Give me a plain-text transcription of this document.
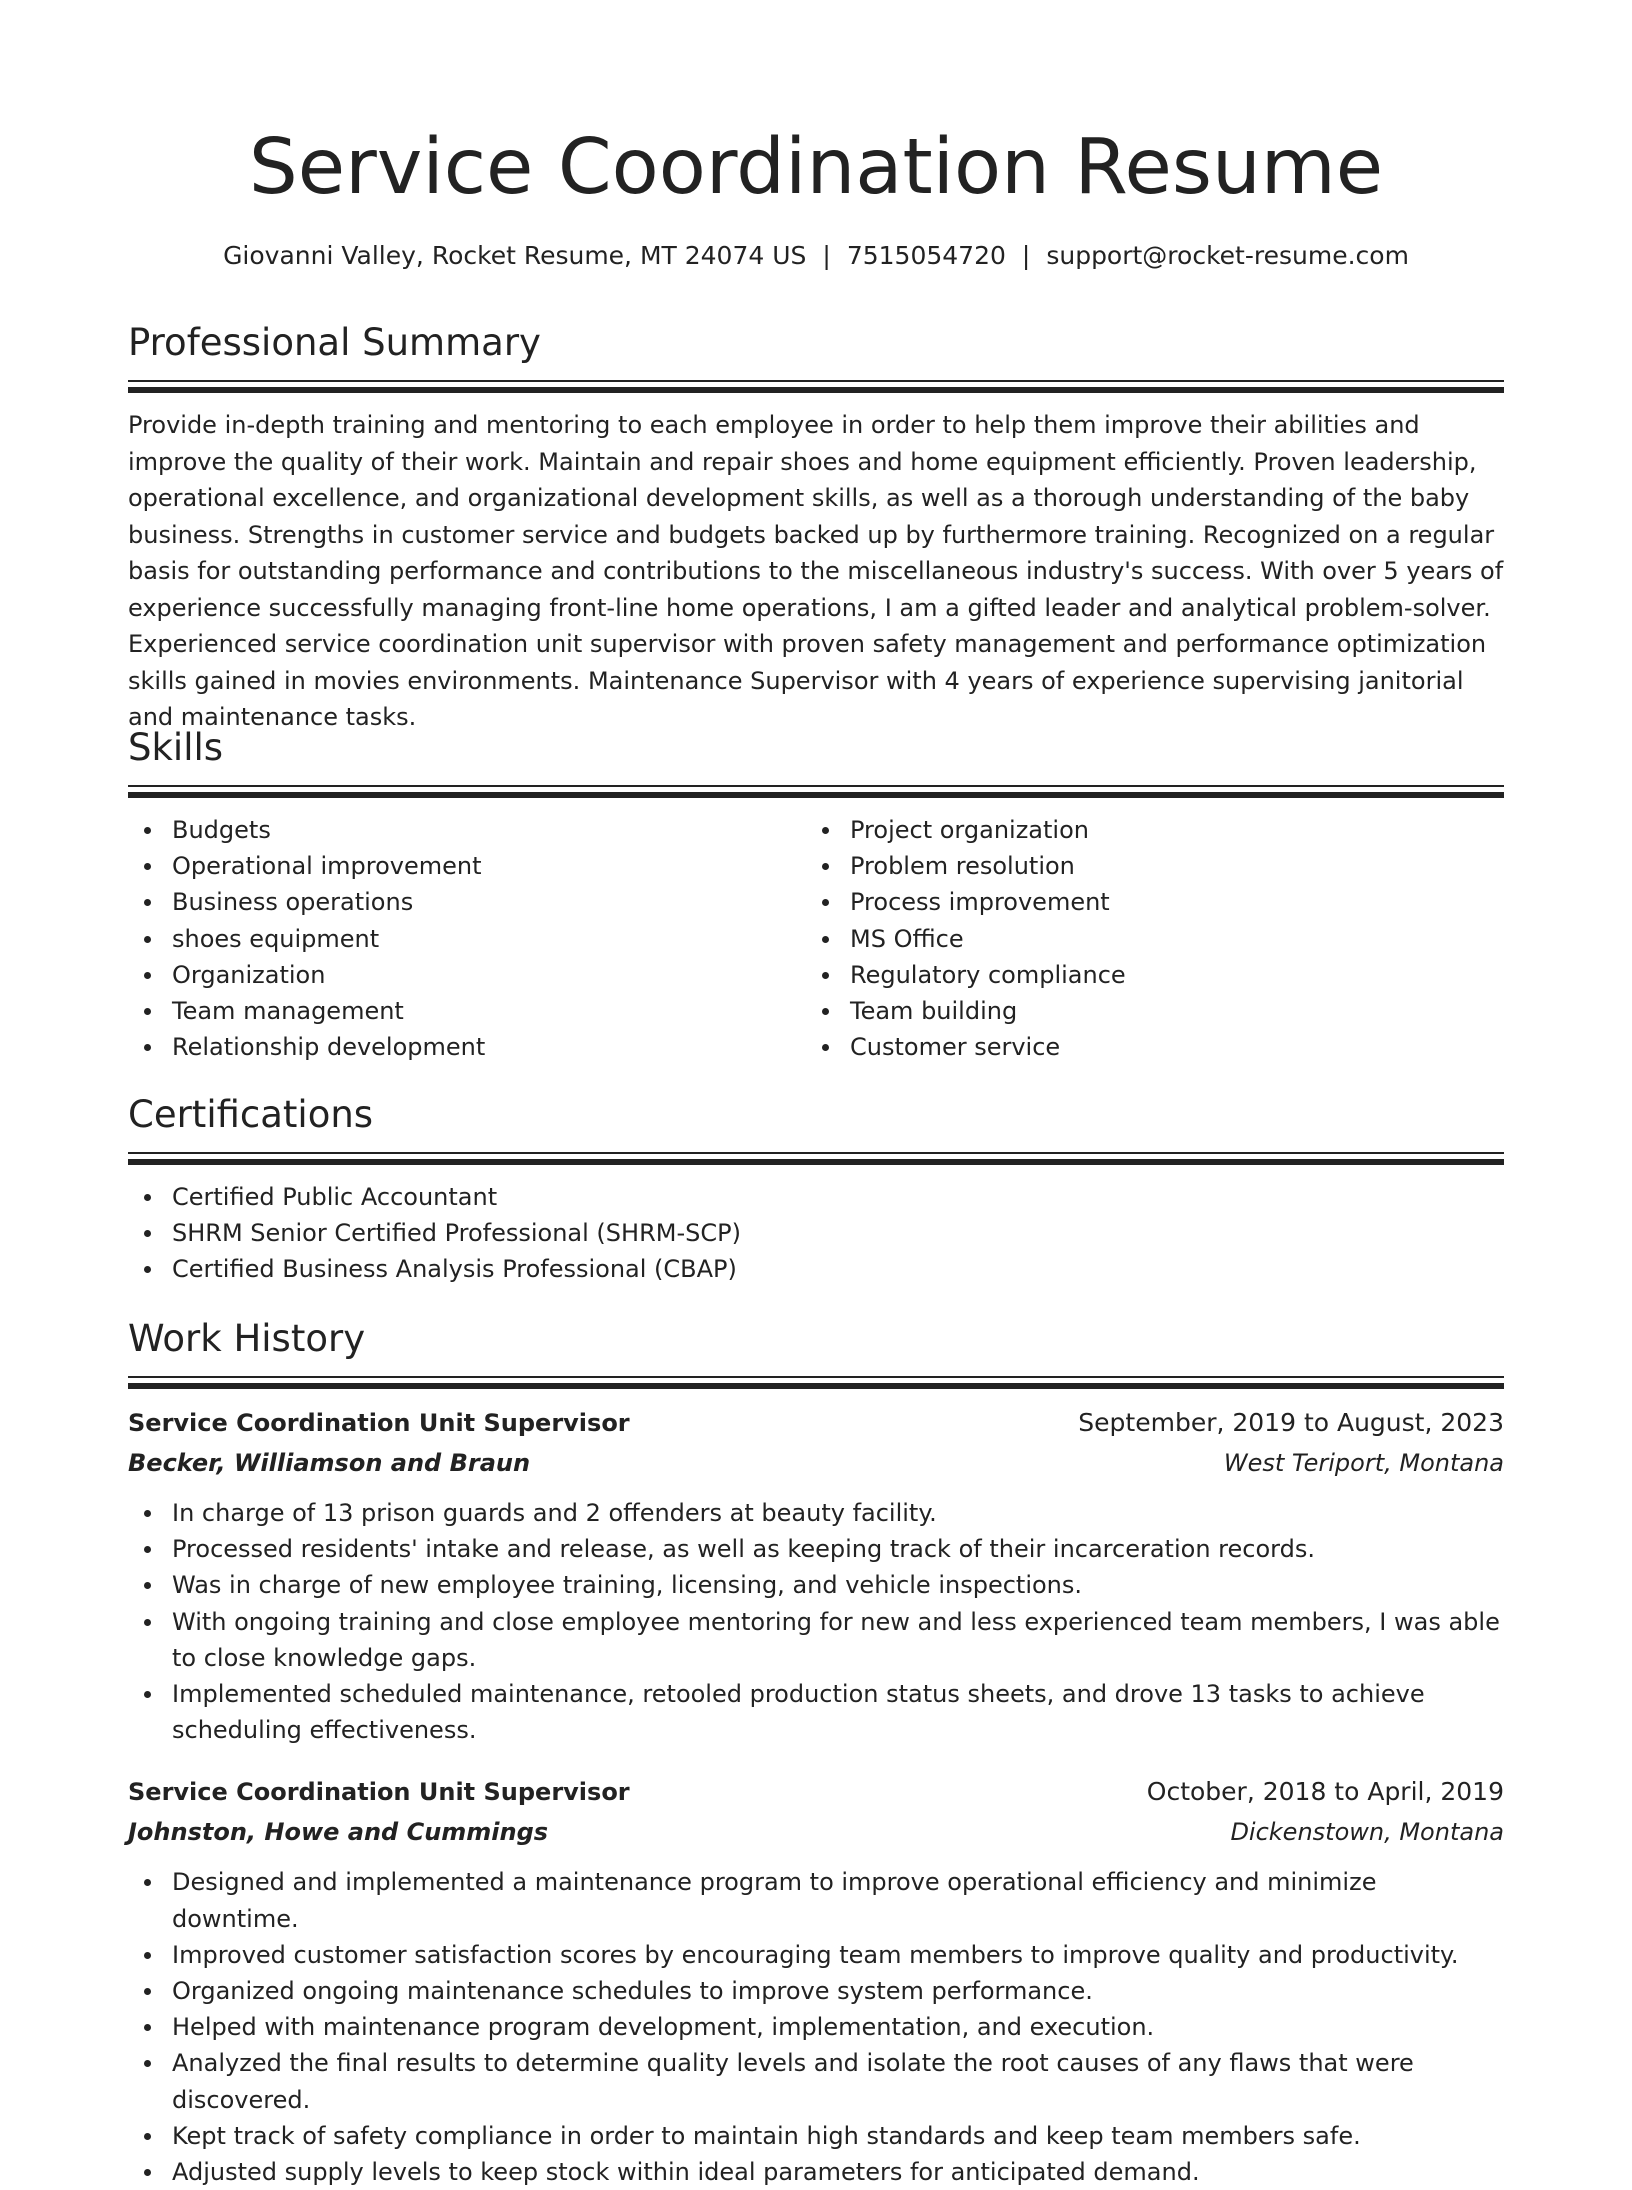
Service Coordination Resume
Giovanni Valley, Rocket Resume, MT 24074 US | 7515054720 | support@rocket-resume.com
Professional Summary

Provide in-depth training and mentoring to each employee in order to help them improve their abilities and improve the quality of their work. Maintain and repair shoes and home equipment efficiently. Proven leadership, operational excellence, and organizational development skills, as well as a thorough understanding of the baby business. Strengths in customer service and budgets backed up by furthermore training. Recognized on a regular basis for outstanding performance and contributions to the miscellaneous industry's success. With over 5 years of experience successfully managing front-line home operations, I am a gifted leader and analytical problem-solver. Experienced service coordination unit supervisor with proven safety management and performance optimization skills gained in movies environments. Maintenance Supervisor with 4 years of experience supervising janitorial and maintenance tasks.

Skills
Budgets
Operational improvement
Business operations
shoes equipment
Organization
Team management
Relationship development
Project organization
Problem resolution
Process improvement
MS Office
Regulatory compliance
Team building
Customer service
Certifications
Certified Public Accountant
SHRM Senior Certified Professional (SHRM-SCP)
Certified Business Analysis Professional (CBAP)
Work History
Service Coordination Unit Supervisor	September, 2019 to August, 2023
Becker, Williamson and Braun	West Teriport, Montana
In charge of 13 prison guards and 2 offenders at beauty facility.
Processed residents' intake and release, as well as keeping track of their incarceration records.
Was in charge of new employee training, licensing, and vehicle inspections.
With ongoing training and close employee mentoring for new and less experienced team members, I was able to close knowledge gaps.
Implemented scheduled maintenance, retooled production status sheets, and drove 13 tasks to achieve scheduling effectiveness.
Service Coordination Unit Supervisor	October, 2018 to April, 2019
Johnston, Howe and Cummings	Dickenstown, Montana
Designed and implemented a maintenance program to improve operational efficiency and minimize downtime.
Improved customer satisfaction scores by encouraging team members to improve quality and productivity.
Organized ongoing maintenance schedules to improve system performance.
Helped with maintenance program development, implementation, and execution.
Analyzed the final results to determine quality levels and isolate the root causes of any flaws that were discovered.
Kept track of safety compliance in order to maintain high standards and keep team members safe.
Adjusted supply levels to keep stock within ideal parameters for anticipated demand.
